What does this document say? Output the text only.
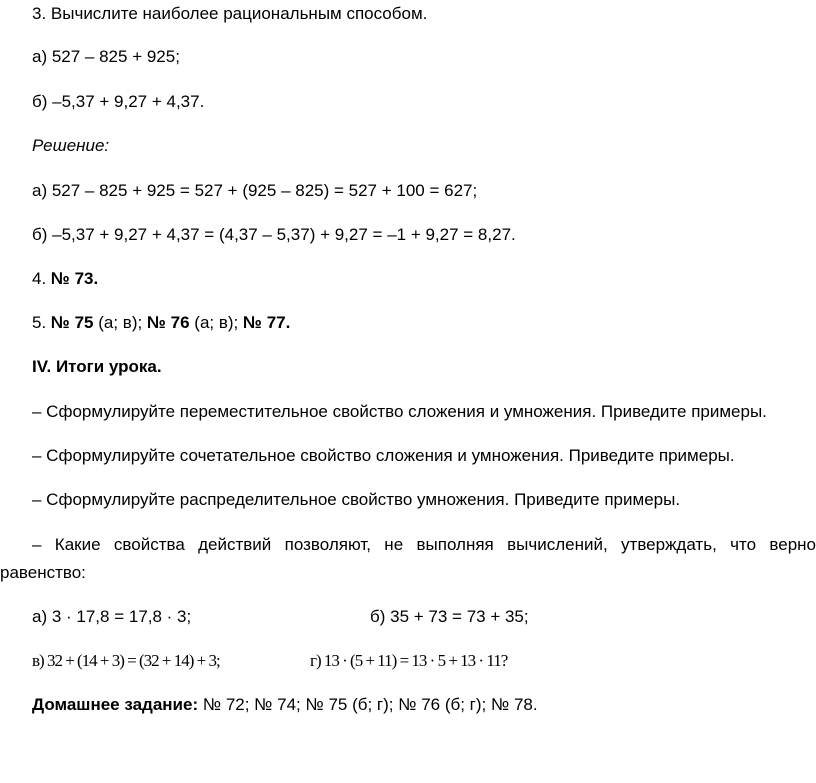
3. Вычислите наиболее рациональным способом.
а) 527 – 825 + 925;
б) –5,37 + 9,27 + 4,37.
Решение:
а) 527 – 825 + 925 = 527 + (925 – 825) = 527 + 100 = 627;
б) –5,37 + 9,27 + 4,37 = (4,37 – 5,37) + 9,27 = –1 + 9,27 = 8,27.
4. № 73.
5. № 75 (а; в); № 76 (а; в); № 77.
IV. Итоги урока.
– Сформулируйте переместительное свойство сложения и умножения. Приведите примеры.
– Сформулируйте сочетательное свойство сложения и умножения. Приведите примеры.
– Сформулируйте распределительное свойство умножения. Приведите примеры.
– Какие свойства действий позволяют, не выполняя вычислений, утверждать, что верно
равенство:
а) 3 · 17,8 = 17,8 · 3;	б) 35 + 73 = 73 + 35;
в) 32 + (14 + 3) = (32 + 14) + 3;	г) 13 · (5 + 11) = 13 · 5 + 13 · 11?
Домашнее задание: № 72; № 74; № 75 (б; г); № 76 (б; г); № 78.
